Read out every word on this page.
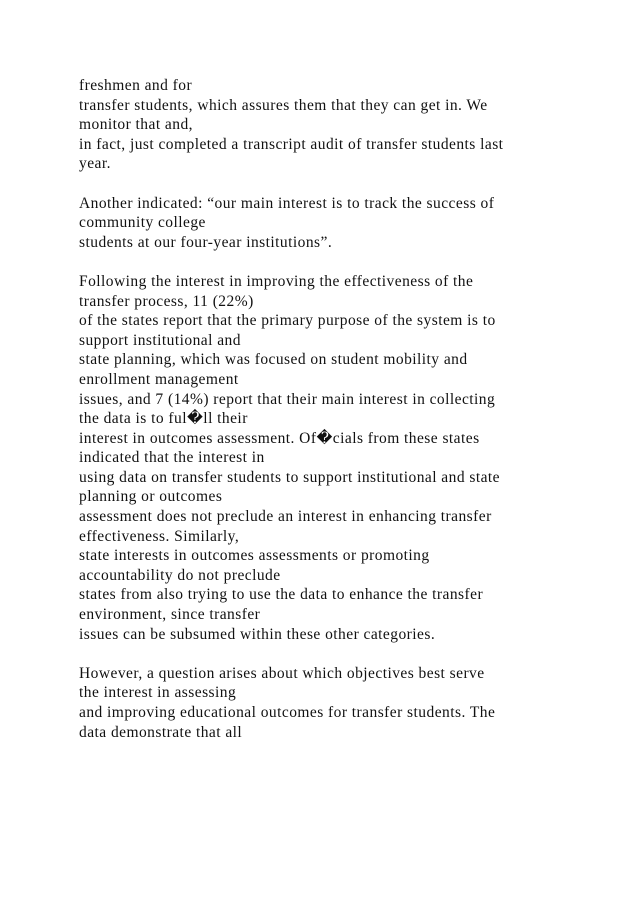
freshmen and for
transfer students, which assures them that they can get in. We
monitor that and,
in fact, just completed a transcript audit of transfer students last
year.

Another indicated: “our main interest is to track the success of
community college
students at our four-year institutions”.

Following the interest in improving the effectiveness of the
transfer process, 11 (22%)
of the states report that the primary purpose of the system is to
support institutional and
state planning, which was focused on student mobility and
enrollment management
issues, and 7 (14%) report that their main interest in collecting
the data is to ful�ll their
interest in outcomes assessment. Of�cials from these states
indicated that the interest in
using data on transfer students to support institutional and state
planning or outcomes
assessment does not preclude an interest in enhancing transfer
effectiveness. Similarly,
state interests in outcomes assessments or promoting
accountability do not preclude
states from also trying to use the data to enhance the transfer
environment, since transfer
issues can be subsumed within these other categories.

However, a question arises about which objectives best serve
the interest in assessing
and improving educational outcomes for transfer students. The
data demonstrate that all
